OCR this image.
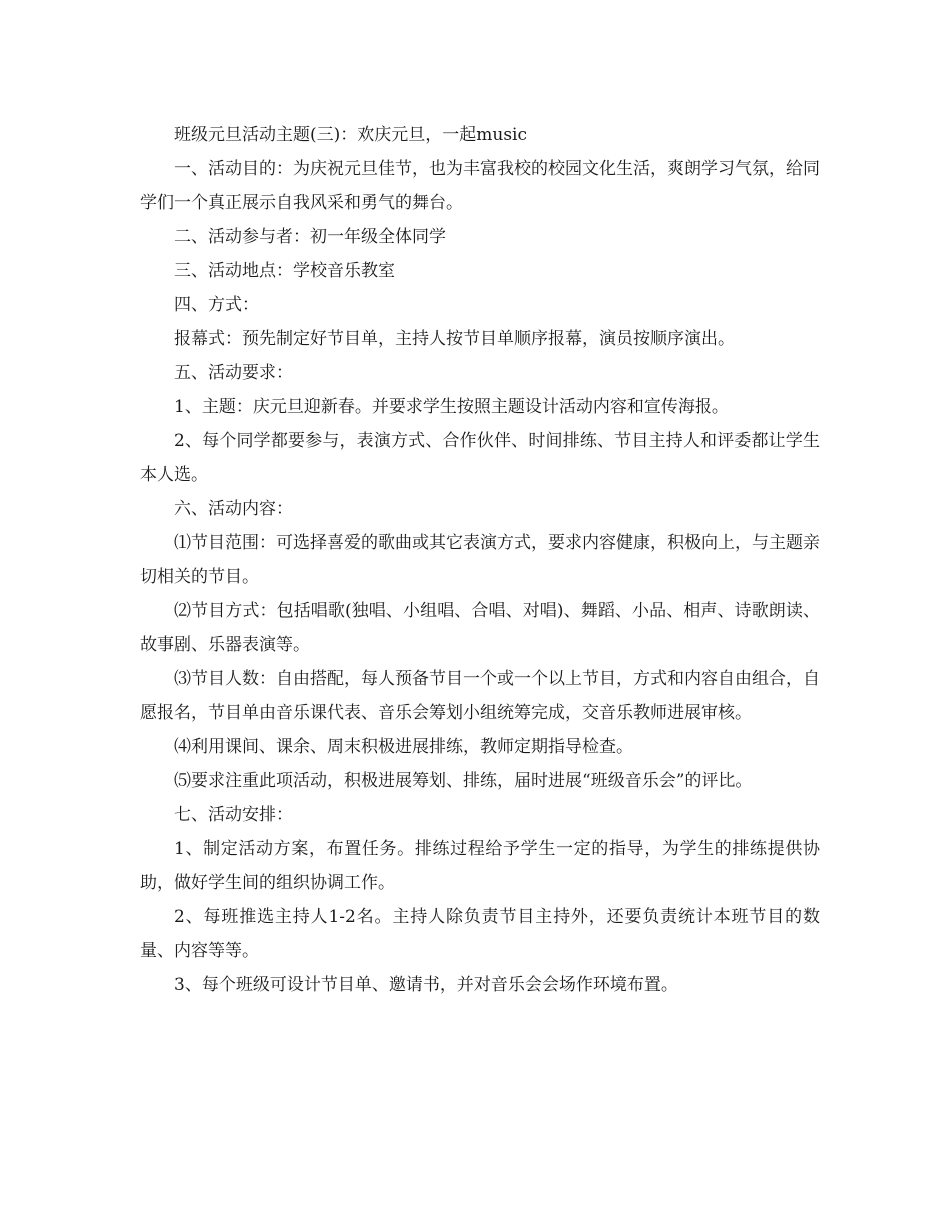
班级元旦活动主题(三)：欢庆元旦，一起music

一、活动目的：为庆祝元旦佳节，也为丰富我校的校园文化生活，爽朗学习气氛，给同学们一个真正展示自我风采和勇气的舞台。

二、活动参与者：初一年级全体同学

三、活动地点：学校音乐教室

四、方式：

报幕式：预先制定好节目单，主持人按节目单顺序报幕，演员按顺序演出。

五、活动要求：

1、主题：庆元旦迎新春。并要求学生按照主题设计活动内容和宣传海报。

2、每个同学都要参与，表演方式、合作伙伴、时间排练、节目主持人和评委都让学生本人选。

六、活动内容：

⑴节目范围：可选择喜爱的歌曲或其它表演方式，要求内容健康，积极向上，与主题亲切相关的节目。

⑵节目方式：包括唱歌(独唱、小组唱、合唱、对唱)、舞蹈、小品、相声、诗歌朗读、故事剧、乐器表演等。

⑶节目人数：自由搭配，每人预备节目一个或一个以上节目，方式和内容自由组合，自愿报名，节目单由音乐课代表、音乐会筹划小组统筹完成，交音乐教师进展审核。

⑷利用课间、课余、周末积极进展排练，教师定期指导检查。

⑸要求注重此项活动，积极进展筹划、排练，届时进展“班级音乐会”的评比。

七、活动安排：

1、制定活动方案，布置任务。排练过程给予学生一定的指导，为学生的排练提供协助，做好学生间的组织协调工作。

2、每班推选主持人1-2名。主持人除负责节目主持外，还要负责统计本班节目的数量、内容等等。

3、每个班级可设计节目单、邀请书，并对音乐会会场作环境布置。
